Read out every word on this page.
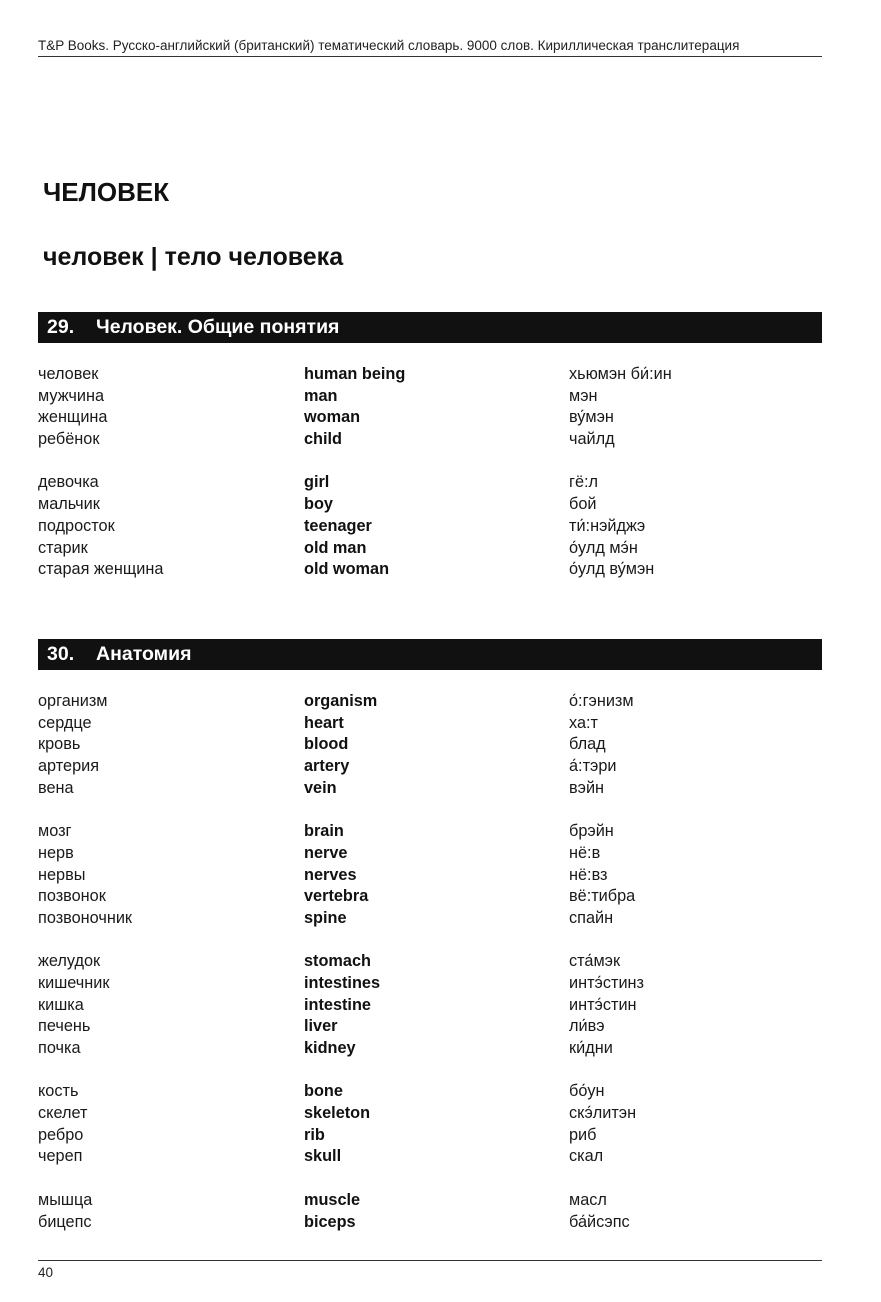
T&P Books. Русско-английский (британский) тематический словарь. 9000 слов. Кириллическая транслитерация
ЧЕЛОВЕК
человек | тело человека
29.	Человек. Общие понятия
человек	human being	хьюмэн би́:ин
мужчина	man	мэн
женщина	woman	ву́мэн
ребёнок	child	чайлд
девочка	girl	гё:л
мальчик	boy	бой
подросток	teenager	ти́:нэйджэ
старик	old man	о́улд мэ́н
старая женщина	old woman	о́улд ву́мэн
30.	Анатомия
организм	organism	о́:гэнизм
сердце	heart	ха:т
кровь	blood	блад
артерия	artery	а́:тэри
вена	vein	вэйн
мозг	brain	брэйн
нерв	nerve	нё:в
нервы	nerves	нё:вз
позвонок	vertebra	вё:тибра
позвоночник	spine	спайн
желудок	stomach	ста́мэк
кишечник	intestines	интэ́стинз
кишка	intestine	интэ́стин
печень	liver	ли́вэ
почка	kidney	ки́дни
кость	bone	бо́ун
скелет	skeleton	скэ́литэн
ребро	rib	риб
череп	skull	скал
мышца	muscle	масл
бицепс	biceps	ба́йсэпс
40
